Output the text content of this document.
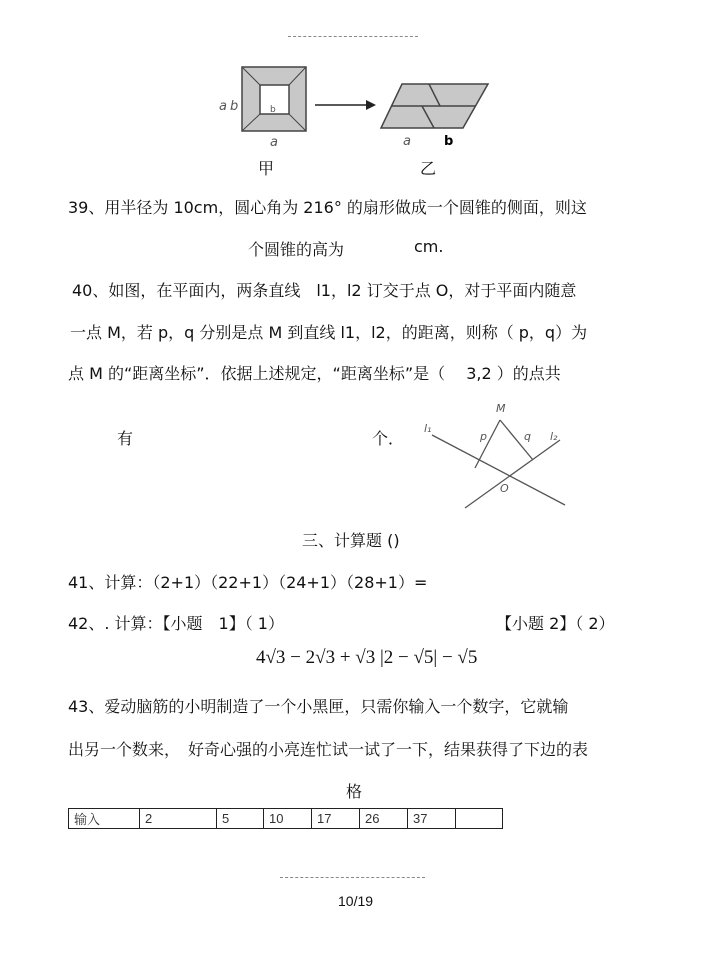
a b	b
a
甲
a	b
乙
39、用半径为 10cm，圆心角为 216° 的扇形做成一个圆锥的侧面，则这
个圆锥的高为	cm.
40、如图，在平面内，两条直线　l1，l2 订交于点 O，对于平面内随意
一点 M，若 p，q 分别是点 M 到直线 l1，l2，的距离，则称（ p，q）为
点 M 的“距离坐标”．依据上述规定，“距离坐标”是（　 3,2 ）的点共
有	个．
l₁
M
p	q l₂
O
三、计算题 ()
41、计算：（2+1）（22+1）（24+1）（28+1）=
42、. 计算：【小题　1】（ 1）	【小题 2】（ 2）
4√3 − 2√3 + √3 |2 − √5| − √5
43、爱动脑筋的小明制造了一个小黑匣，只需你输入一个数字，它就输
出另一个数来，　好奇心强的小亮连忙试一试了一下，结果获得了下边的表
格
输入	2	5	10	17	26	37	
10/19
